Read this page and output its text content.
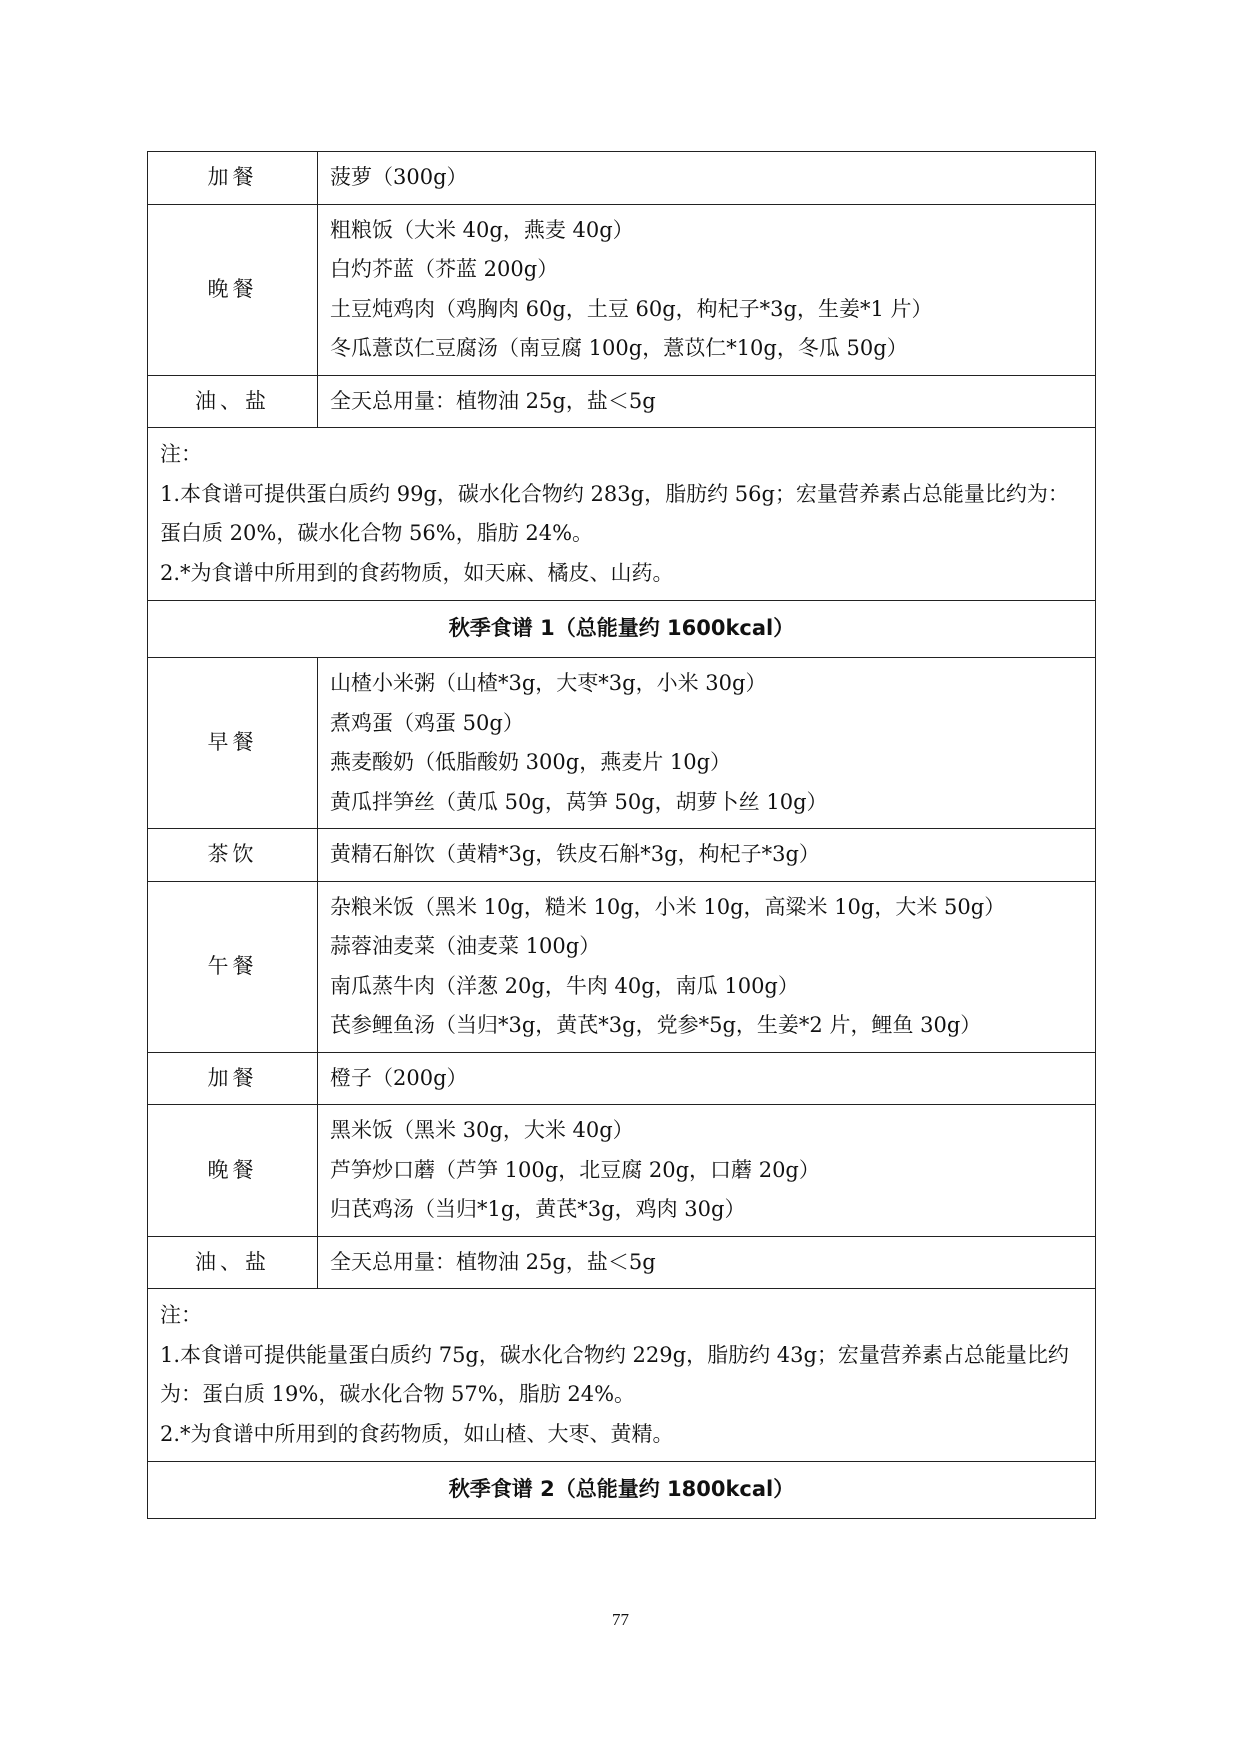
加餐	菠萝（300g）

晚餐	粗粮饭（大米 40g，燕麦 40g）
白灼芥蓝（芥蓝 200g）
土豆炖鸡肉（鸡胸肉 60g，土豆 60g，枸杞子*3g，生姜*1 片）
冬瓜薏苡仁豆腐汤（南豆腐 100g，薏苡仁*10g，冬瓜 50g）

油、盐	全天总用量：植物油 25g，盐＜5g

注：
1.本食谱可提供蛋白质约 99g，碳水化合物约 283g，脂肪约 56g；宏量营养素占总能量比约为：蛋白质 20%，碳水化合物 56%，脂肪 24%。
2.*为食谱中所用到的食药物质，如天麻、橘皮、山药。	

秋季食谱 1（总能量约 1600kcal）	
早餐	山楂小米粥（山楂*3g，大枣*3g，小米 30g）
煮鸡蛋（鸡蛋 50g）
燕麦酸奶（低脂酸奶 300g，燕麦片 10g）
黄瓜拌笋丝（黄瓜 50g，莴笋 50g，胡萝卜丝 10g）

茶饮	黄精石斛饮（黄精*3g，铁皮石斛*3g，枸杞子*3g）

午餐	杂粮米饭（黑米 10g，糙米 10g，小米 10g，高粱米 10g，大米 50g）
蒜蓉油麦菜（油麦菜 100g）
南瓜蒸牛肉（洋葱 20g，牛肉 40g，南瓜 100g）
芪参鲤鱼汤（当归*3g，黄芪*3g，党参*5g，生姜*2 片，鲤鱼 30g）

加餐	橙子（200g）

晚餐	黑米饭（黑米 30g，大米 40g）
芦笋炒口蘑（芦笋 100g，北豆腐 20g，口蘑 20g）
归芪鸡汤（当归*1g，黄芪*3g，鸡肉 30g）

油、盐	全天总用量：植物油 25g，盐＜5g

注：
1.本食谱可提供能量蛋白质约 75g，碳水化合物约 229g，脂肪约 43g；宏量营养素占总能量比约为：蛋白质 19%，碳水化合物 57%，脂肪 24%。
2.*为食谱中所用到的食药物质，如山楂、大枣、黄精。	

秋季食谱 2（总能量约 1800kcal）	
77
